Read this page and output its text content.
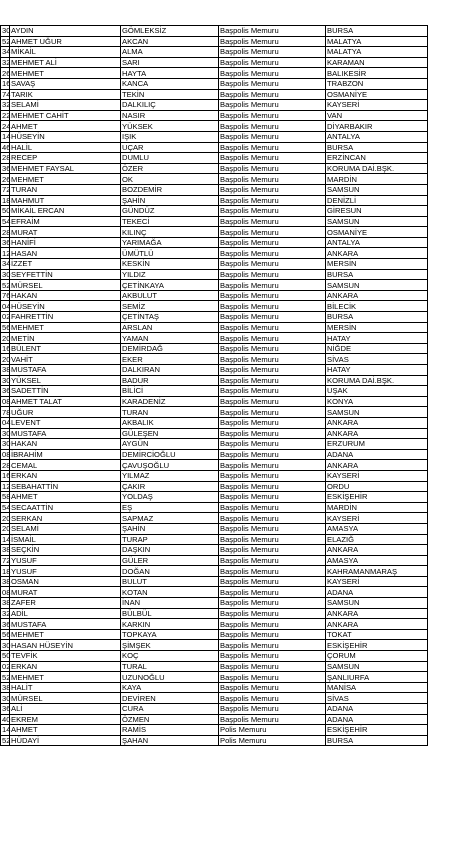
30	AYDIN	GÖMLEKSİZ	Başpolis Memuru	BURSA
52	AHMET UĞUR	AKCAN	Başpolis Memuru	MALATYA
34	MİKAİL	ALMA	Başpolis Memuru	MALATYA
32	MEHMET ALİ	SARI	Başpolis Memuru	KARAMAN
26	MEHMET	HAYTA	Başpolis Memuru	BALIKESİR
16	SAVAŞ	KANCA	Başpolis Memuru	TRABZON
74	TARIK	TEKİN	Başpolis Memuru	OSMANİYE
32	SELAMİ	DALKILIÇ	Başpolis Memuru	KAYSERİ
22	MEHMET CAHİT	NASIR	Başpolis Memuru	VAN
24	AHMET	YÜKSEK	Başpolis Memuru	DİYARBAKIR
14	HÜSEYİN	IŞIK	Başpolis Memuru	ANTALYA
46	HALİL	UÇAR	Başpolis Memuru	BURSA
28	RECEP	DUMLU	Başpolis Memuru	ERZİNCAN
36	MEHMET FAYSAL	ÖZER	Başpolis Memuru	KORUMA DAİ.BŞK.
26	MEHMET	OK	Başpolis Memuru	MARDİN
72	TURAN	BOZDEMİR	Başpolis Memuru	SAMSUN
18	MAHMUT	ŞAHİN	Başpolis Memuru	DENİZLİ
50	MİKAİL ERCAN	GÜNDÜZ	Başpolis Memuru	GİRESUN
54	EFRAİM	TEKECİ	Başpolis Memuru	SAMSUN
28	MURAT	KILINÇ	Başpolis Memuru	OSMANİYE
36	HANİFİ	YARIMAĞA	Başpolis Memuru	ANTALYA
12	HASAN	ÜMÜTLÜ	Başpolis Memuru	ANKARA
34	İZZET	KESKİN	Başpolis Memuru	MERSİN
30	SEYFETTİN	YILDIZ	Başpolis Memuru	BURSA
52	MÜRSEL	ÇETİNKAYA	Başpolis Memuru	SAMSUN
76	HAKAN	AKBULUT	Başpolis Memuru	ANKARA
04	HÜSEYİN	SEMİZ	Başpolis Memuru	BİLECİK
02	FAHRETTİN	ÇETİNTAŞ	Başpolis Memuru	BURSA
56	MEHMET	ARSLAN	Başpolis Memuru	MERSİN
20	METİN	YAMAN	Başpolis Memuru	HATAY
16	BÜLENT	DEMİRDAĞ	Başpolis Memuru	NİĞDE
20	VAHİT	EKER	Başpolis Memuru	SİVAS
38	MUSTAFA	DALKIRAN	Başpolis Memuru	HATAY
30	YÜKSEL	BADUR	Başpolis Memuru	KORUMA DAİ.BŞK.
36	SADETTİN	BİLİCİ	Başpolis Memuru	UŞAK
08	AHMET TALAT	KARADENİZ	Başpolis Memuru	KONYA
78	UĞUR	TURAN	Başpolis Memuru	SAMSUN
04	LEVENT	AKBALIK	Başpolis Memuru	ANKARA
30	MUSTAFA	GÜLEŞEN	Başpolis Memuru	ANKARA
30	HAKAN	AYGÜN	Başpolis Memuru	ERZURUM
08	İBRAHİM	DEMİRCİOĞLU	Başpolis Memuru	ADANA
28	CEMAL	ÇAVUŞOĞLU	Başpolis Memuru	ANKARA
16	ERKAN	YILMAZ	Başpolis Memuru	KAYSERİ
12	SEBAHATTİN	ÇAKIR	Başpolis Memuru	ORDU
58	AHMET	YOLDAŞ	Başpolis Memuru	ESKİŞEHİR
54	SECAATTİN	EŞ	Başpolis Memuru	MARDİN
20	SERKAN	SAPMAZ	Başpolis Memuru	KAYSERİ
20	SELAMİ	ŞAHİN	Başpolis Memuru	AMASYA
14	İSMAİL	TURAP	Başpolis Memuru	ELAZIĞ
38	SEÇKİN	DAŞKIN	Başpolis Memuru	ANKARA
72	YUSUF	GÜLER	Başpolis Memuru	AMASYA
18	YUSUF	DOĞAN	Başpolis Memuru	KAHRAMANMARAŞ
38	OSMAN	BULUT	Başpolis Memuru	KAYSERİ
08	MURAT	KOTAN	Başpolis Memuru	ADANA
38	ZAFER	İNAN	Başpolis Memuru	SAMSUN
32	ADİL	BÜLBÜL	Başpolis Memuru	ANKARA
36	MUSTAFA	KARKIN	Başpolis Memuru	ANKARA
56	MEHMET	TOPKAYA	Başpolis Memuru	TOKAT
30	HASAN HÜSEYİN	ŞİMŞEK	Başpolis Memuru	ESKİŞEHİR
50	TEVFİK	KOÇ	Başpolis Memuru	ÇORUM
02	ERKAN	TURAL	Başpolis Memuru	SAMSUN
52	MEHMET	UZUNOĞLU	Başpolis Memuru	ŞANLIURFA
38	HALİT	KAYA	Başpolis Memuru	MANİSA
30	MÜRSEL	DEVİREN	Başpolis Memuru	SİVAS
36	ALİ	CURA	Başpolis Memuru	ADANA
40	EKREM	ÖZMEN	Başpolis Memuru	ADANA
14	AHMET	RAMİS	Polis Memuru	ESKİŞEHİR
52	HÜDAYİ	ŞAHAN	Polis Memuru	BURSA
